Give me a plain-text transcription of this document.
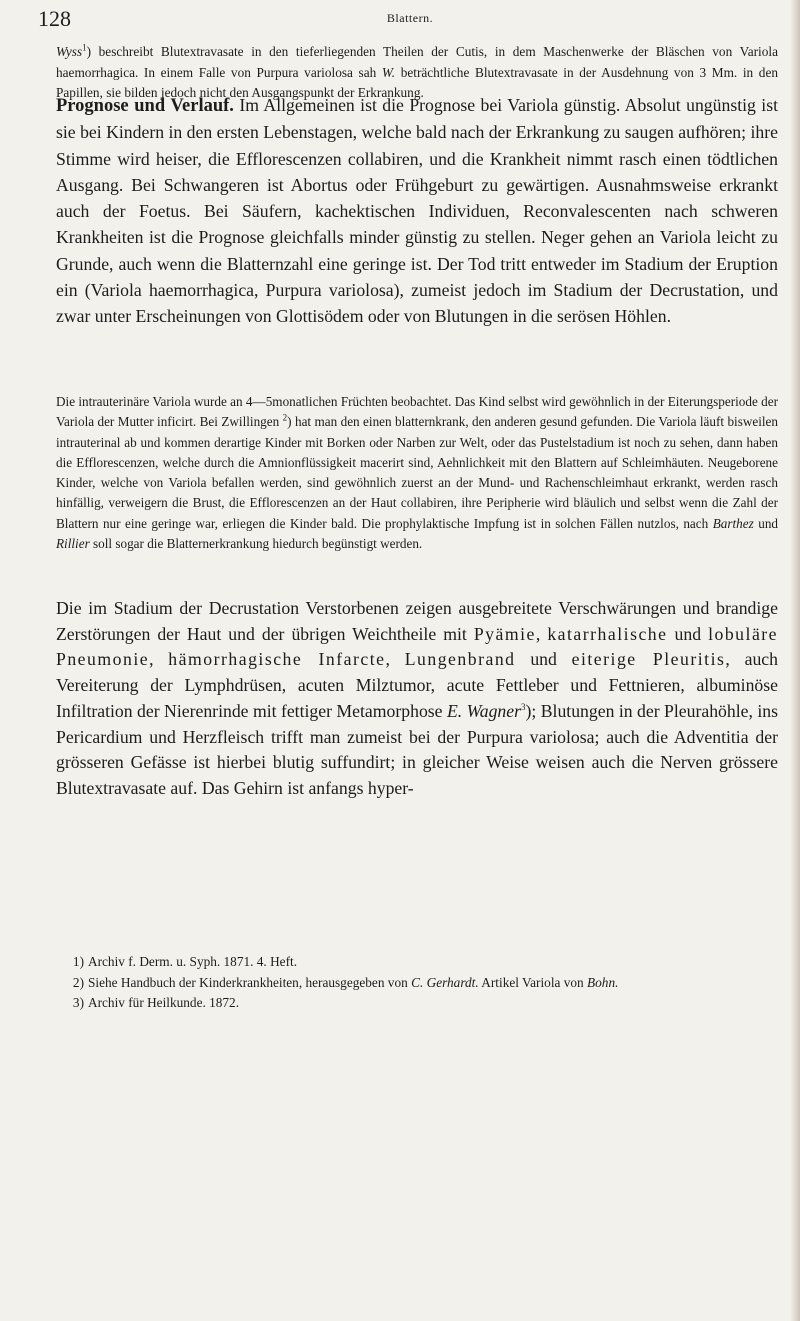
128	Blattern.
Wyss$^1$) beschreibt Blutextravasate in den tieferliegenden Theilen der Cutis, in dem Maschenwerke der Bläschen von Variola haemorrhagica. In einem Falle von Purpura variolosa sah W. beträchtliche Blutextravasate in der Ausdehnung von 3 Mm. in den Papillen, sie bilden jedoch nicht den Ausgangspunkt der Erkrankung.
Prognose und Verlauf. Im Allgemeinen ist die Prognose bei Variola günstig. Absolut ungünstig ist sie bei Kindern in den ersten Lebenstagen, welche bald nach der Erkrankung zu saugen aufhören; ihre Stimme wird heiser, die Efflorescenzen collabiren, und die Krankheit nimmt rasch einen tödtlichen Ausgang. Bei Schwangeren ist Abortus oder Frühgeburt zu gewärtigen. Ausnahmsweise erkrankt auch der Foetus. Bei Säufern, kachektischen Individuen, Reconvalescenten nach schweren Krankheiten ist die Prognose gleichfalls minder günstig zu stellen. Neger gehen an Variola leicht zu Grunde, auch wenn die Blatternzahl eine geringe ist. Der Tod tritt entweder im Stadium der Eruption ein (Variola haemorrhagica, Purpura variolosa), zumeist jedoch im Stadium der Decrustation, und zwar unter Erscheinungen von Glottisödem oder von Blutungen in die serösen Höhlen.
Die intrauterinäre Variola wurde an 4—5monatlichen Früchten beobachtet. Das Kind selbst wird gewöhnlich in der Eiterungsperiode der Variola der Mutter inficirt. Bei Zwillingen $^2$) hat man den einen blatternkrank, den anderen gesund gefunden. Die Variola läuft bisweilen intrauterinal ab und kommen derartige Kinder mit Borken oder Narben zur Welt, oder das Pustelstadium ist noch zu sehen, dann haben die Efflorescenzen, welche durch die Amnionflüssigkeit macerirt sind, Aehnlichkeit mit den Blattern auf Schleimhäuten. Neugeborene Kinder, welche von Variola befallen werden, sind gewöhnlich zuerst an der Mund- und Rachenschleimhaut erkrankt, werden rasch hinfällig, verweigern die Brust, die Efflorescenzen an der Haut collabiren, ihre Peripherie wird bläulich und selbst wenn die Zahl der Blattern nur eine geringe war, erliegen die Kinder bald. Die prophylaktische Impfung ist in solchen Fällen nutzlos, nach Barthez und Rillier soll sogar die Blatternerkrankung hiedurch begünstigt werden.
Die im Stadium der Decrustation Verstorbenen zeigen ausgebreitete Verschwärungen und brandige Zerstörungen der Haut und der übrigen Weichtheile mit Pyämie, katarrhalische und lobuläre Pneumonie, hämorrhagische Infarcte, Lungenbrand und eiterige Pleuritis, auch Vereiterung der Lymphdrüsen, acuten Milztumor, acute Fettleber und Fettnieren, albuminöse Infiltration der Nierenrinde mit fettiger Metamorphose E. Wagner$^3$); Blutungen in der Pleurahöhle, ins Pericardium und Herzfleisch trifft man zumeist bei der Purpura variolosa; auch die Adventitia der grösseren Gefässe ist hierbei blutig suffundirt; in gleicher Weise weisen auch die Nerven grössere Blutextravasate auf. Das Gehirn ist anfangs hyper-
1) Archiv f. Derm. u. Syph. 1871. 4. Heft.
2) Siehe Handbuch der Kinderkrankheiten, herausgegeben von C. Gerhardt. Artikel Variola von Bohn.
3) Archiv für Heilkunde. 1872.
